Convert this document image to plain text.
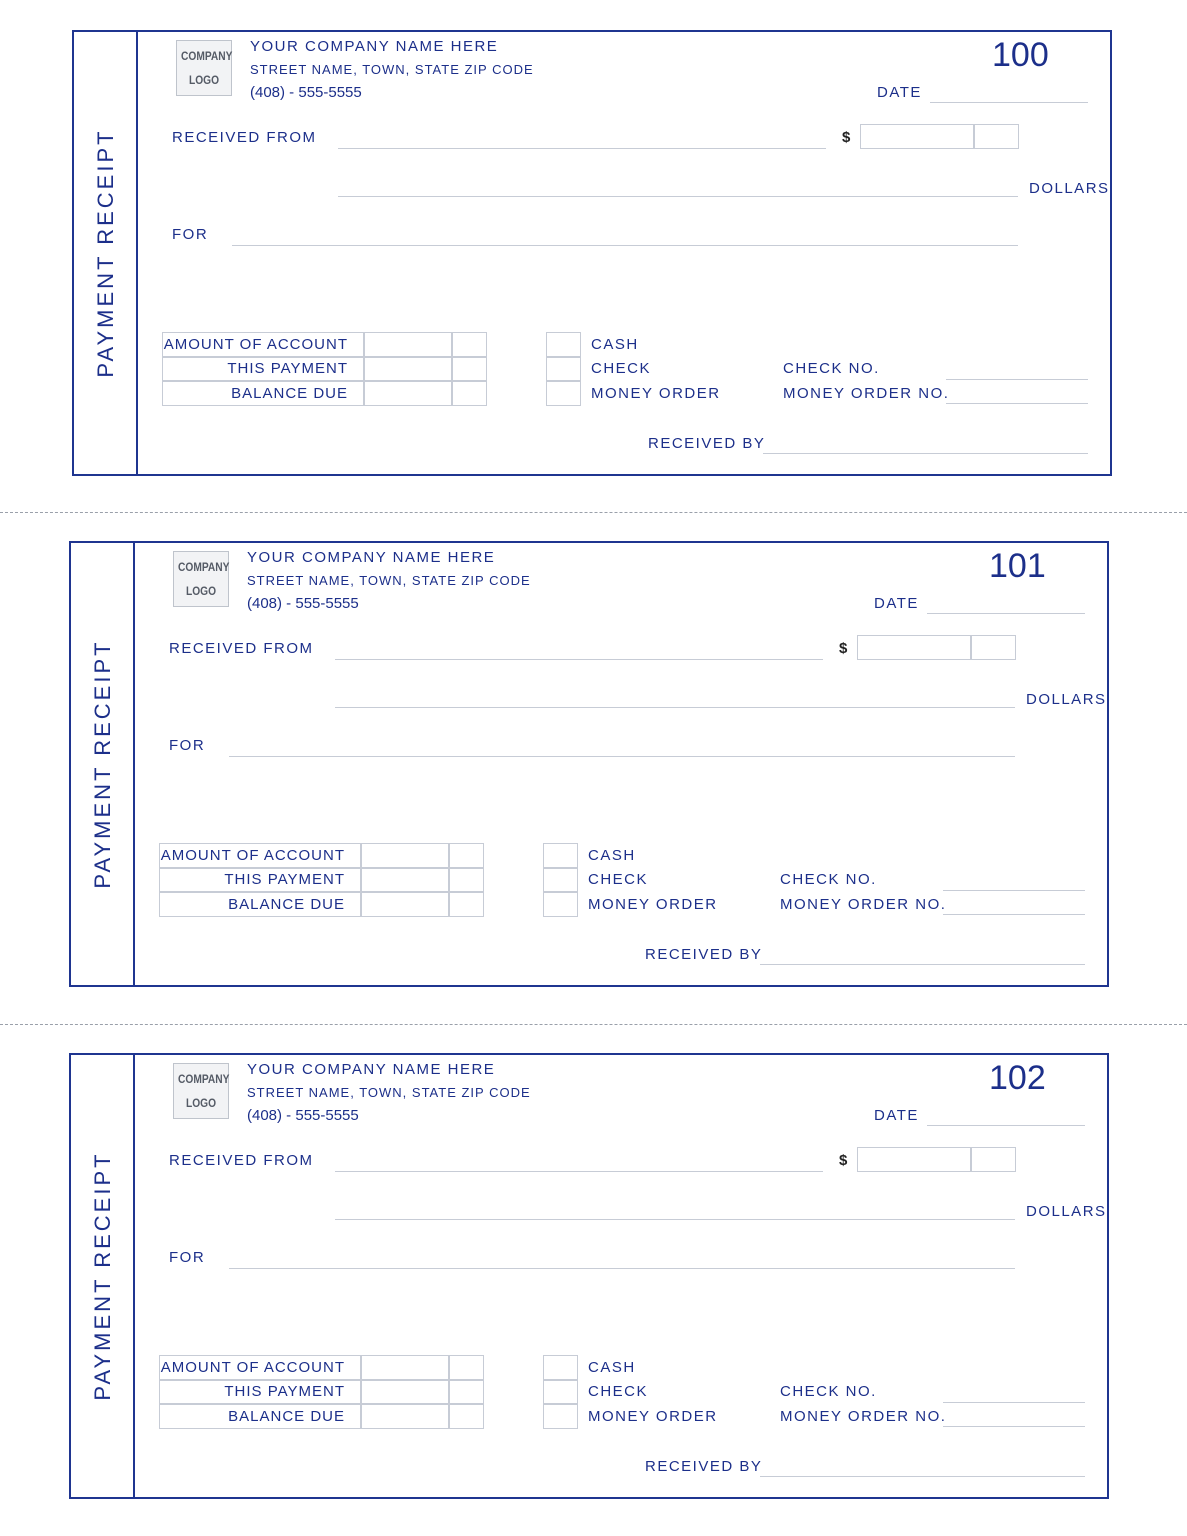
PAYMENT RECEIPT
COMPANY
LOGO
YOUR COMPANY NAME HERE
STREET NAME, TOWN, STATE ZIP CODE
(408) ‐ 555-5555
100
DATE
RECEIVED FROM	$
DOLLARS
FOR
AMOUNT OF ACCOUNT
THIS PAYMENT
BALANCE DUE
CASH
CHECK
MONEY ORDER
CHECK NO.
MONEY ORDER NO.
RECEIVED BY
PAYMENT RECEIPT
COMPANY
LOGO
YOUR COMPANY NAME HERE
STREET NAME, TOWN, STATE ZIP CODE
(408) ‐ 555-5555
101
DATE
RECEIVED FROM	$
DOLLARS
FOR
AMOUNT OF ACCOUNT
THIS PAYMENT
BALANCE DUE
CASH
CHECK
MONEY ORDER
CHECK NO.
MONEY ORDER NO.
RECEIVED BY
PAYMENT RECEIPT
COMPANY
LOGO
YOUR COMPANY NAME HERE
STREET NAME, TOWN, STATE ZIP CODE
(408) ‐ 555-5555
102
DATE
RECEIVED FROM	$
DOLLARS
FOR
AMOUNT OF ACCOUNT
THIS PAYMENT
BALANCE DUE
CASH
CHECK
MONEY ORDER
CHECK NO.
MONEY ORDER NO.
RECEIVED BY
